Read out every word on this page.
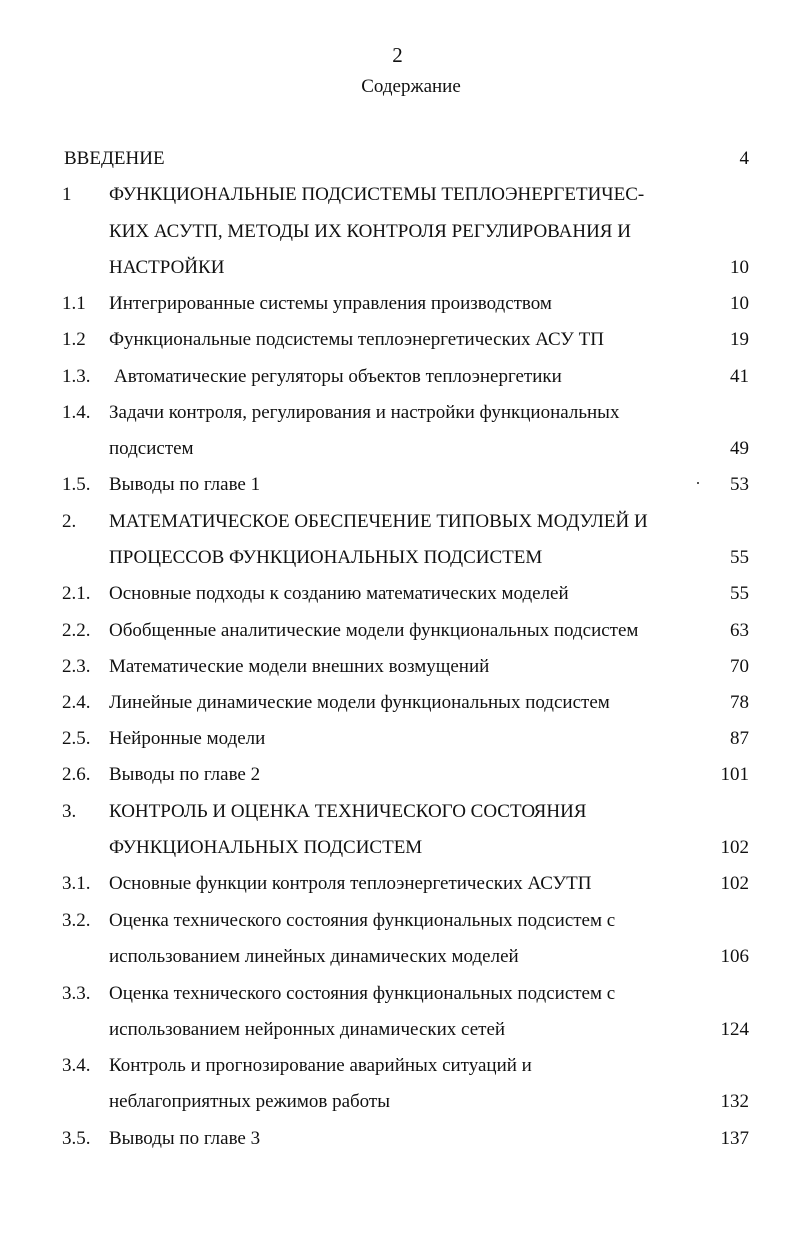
2
Содержание
ВВЕДЕНИЕ	4
1 ФУНКЦИОНАЛЬНЫЕ ПОДСИСТЕМЫ ТЕПЛОЭНЕРГЕТИЧЕС-
КИХ АСУТП, МЕТОДЫ ИХ КОНТРОЛЯ РЕГУЛИРОВАНИЯ И
НАСТРОЙКИ	10
1.1 Интегрированные системы управления производством	10
1.2 Функциональные подсистемы теплоэнергетических АСУ ТП	19
1.3. Автоматические регуляторы объектов теплоэнергетики	41
1.4. Задачи контроля, регулирования и настройки функциональных
подсистем	49
1.5. Выводы по главе 1	53
2. МАТЕМАТИЧЕСКОЕ ОБЕСПЕЧЕНИЕ ТИПОВЫХ МОДУЛЕЙ И
ПРОЦЕССОВ ФУНКЦИОНАЛЬНЫХ ПОДСИСТЕМ	55
2.1. Основные подходы к созданию математических моделей	55
2.2. Обобщенные аналитические модели функциональных подсистем	63
2.3. Математические модели внешних возмущений	70
2.4. Линейные динамические модели функциональных подсистем	78
2.5. Нейронные модели	87
2.6. Выводы по главе 2	101
3. КОНТРОЛЬ И ОЦЕНКА ТЕХНИЧЕСКОГО СОСТОЯНИЯ
ФУНКЦИОНАЛЬНЫХ ПОДСИСТЕМ	102
3.1. Основные функции контроля теплоэнергетических АСУТП	102
3.2. Оценка технического состояния функциональных подсистем с
использованием линейных динамических моделей	106
3.3. Оценка технического состояния функциональных подсистем с
использованием нейронных динамических сетей	124
3.4. Контроль и прогнозирование аварийных ситуаций и
неблагоприятных режимов работы	132
3.5. Выводы по главе 3	137
